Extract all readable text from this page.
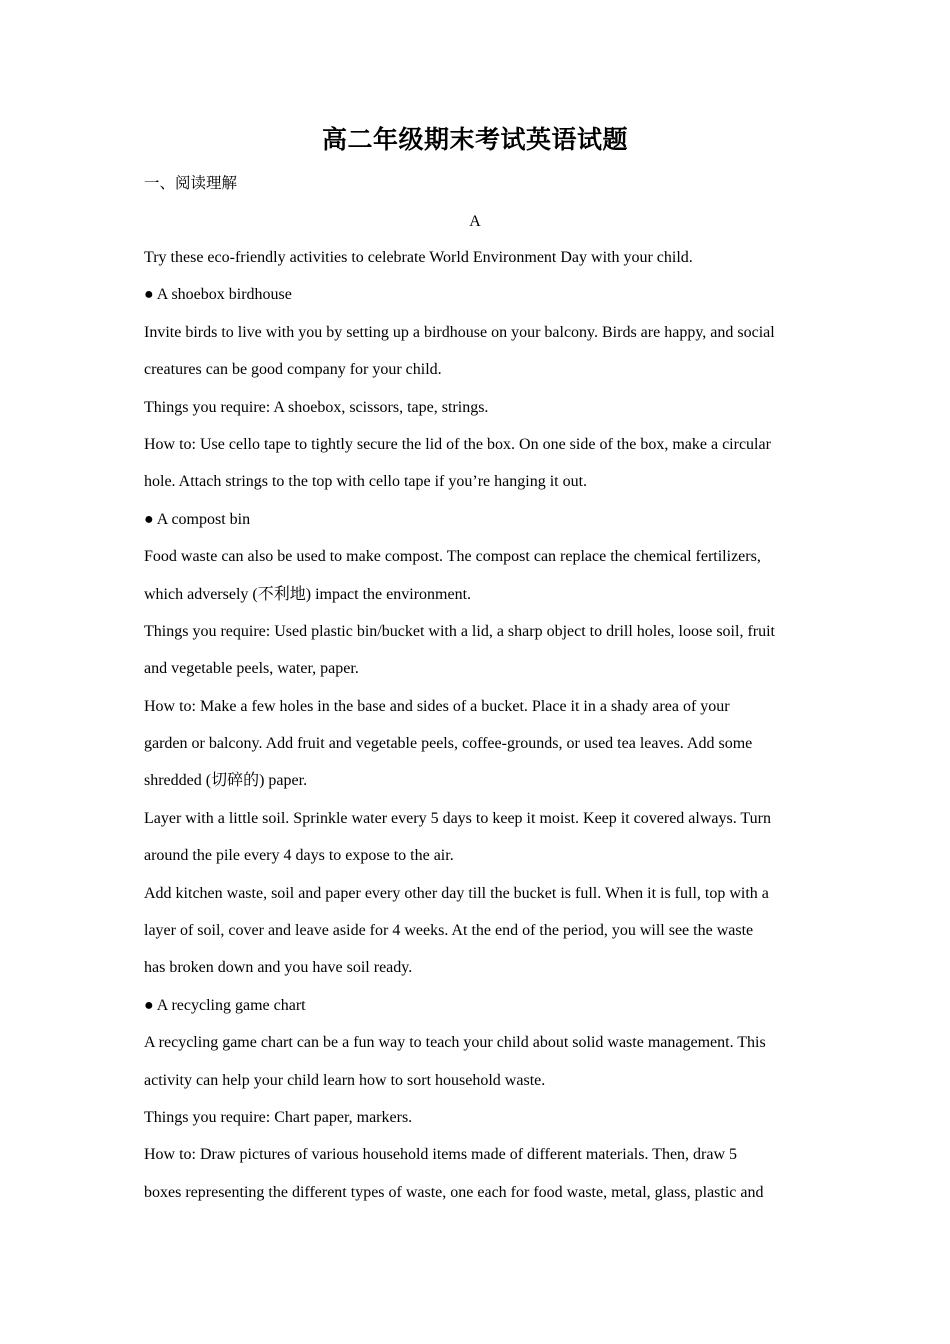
高二年级期末考试英语试题
一、阅读理解
A
Try these eco-friendly activities to celebrate World Environment Day with your child.
● A shoebox birdhouse
Invite birds to live with you by setting up a birdhouse on your balcony. Birds are happy, and social
creatures can be good company for your child.
Things you require: A shoebox, scissors, tape, strings.
How to: Use cello tape to tightly secure the lid of the box. On one side of the box, make a circular
hole. Attach strings to the top with cello tape if you’re hanging it out.
● A compost bin
Food waste can also be used to make compost. The compost can replace the chemical fertilizers,
which adversely (不利地) impact the environment.
Things you require: Used plastic bin/bucket with a lid, a sharp object to drill holes, loose soil, fruit
and vegetable peels, water, paper.
How to: Make a few holes in the base and sides of a bucket. Place it in a shady area of your
garden or balcony. Add fruit and vegetable peels, coffee-grounds, or used tea leaves. Add some
shredded (切碎的) paper.
Layer with a little soil. Sprinkle water every 5 days to keep it moist. Keep it covered always. Turn
around the pile every 4 days to expose to the air.
Add kitchen waste, soil and paper every other day till the bucket is full. When it is full, top with a
layer of soil, cover and leave aside for 4 weeks. At the end of the period, you will see the waste
has broken down and you have soil ready.
● A recycling game chart
A recycling game chart can be a fun way to teach your child about solid waste management. This
activity can help your child learn how to sort household waste.
Things you require: Chart paper, markers.
How to: Draw pictures of various household items made of different materials. Then, draw 5
boxes representing the different types of waste, one each for food waste, metal, glass, plastic and
